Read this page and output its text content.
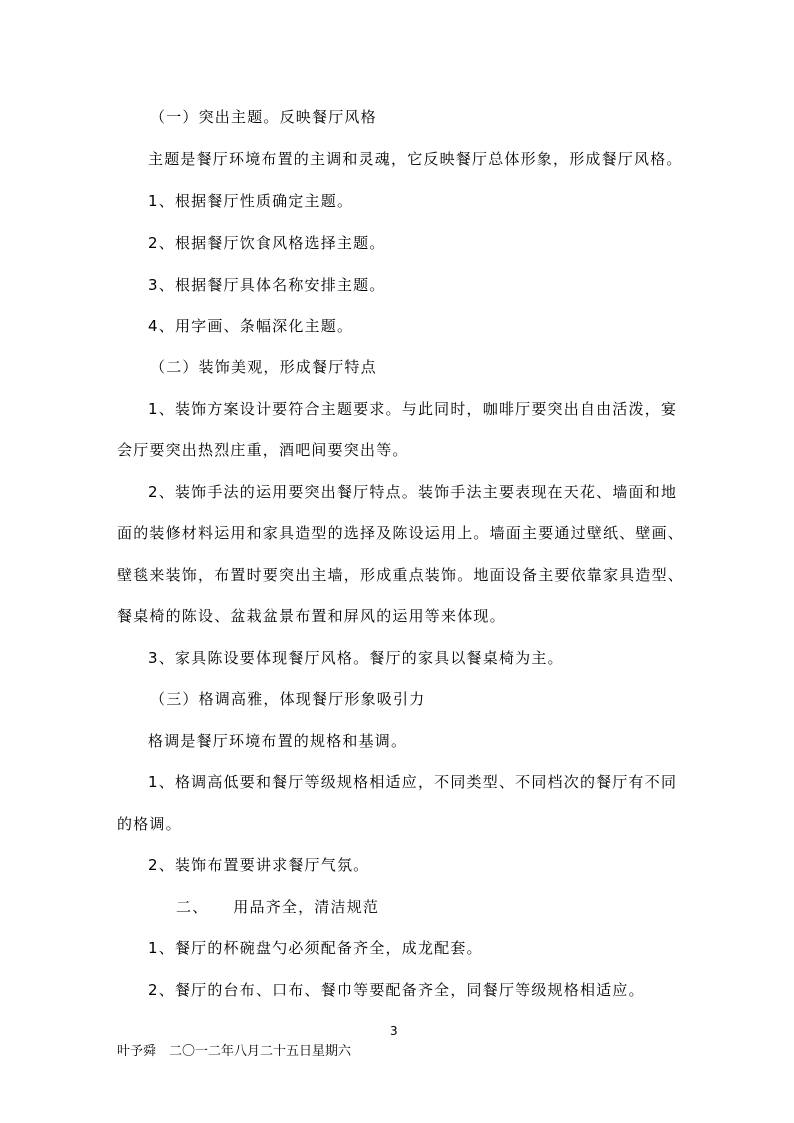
（一）突出主题。反映餐厅风格
主题是餐厅环境布置的主调和灵魂，它反映餐厅总体形象，形成餐厅风格。
1、根据餐厅性质确定主题。
2、根据餐厅饮食风格选择主题。
3、根据餐厅具体名称安排主题。
4、用字画、条幅深化主题。
（二）装饰美观，形成餐厅特点
1、装饰方案设计要符合主题要求。与此同时，咖啡厅要突出自由活泼，宴
会厅要突出热烈庄重，酒吧间要突出等。
2、装饰手法的运用要突出餐厅特点。装饰手法主要表现在天花、墙面和地
面的装修材料运用和家具造型的选择及陈设运用上。墙面主要通过壁纸、壁画、
壁毯来装饰，布置时要突出主墙，形成重点装饰。地面设备主要依靠家具造型、
餐桌椅的陈设、盆栽盆景布置和屏风的运用等来体现。
3、家具陈设要体现餐厅风格。餐厅的家具以餐桌椅为主。
（三）格调高雅，体现餐厅形象吸引力
格调是餐厅环境布置的规格和基调。
1、格调高低要和餐厅等级规格相适应，不同类型、不同档次的餐厅有不同
的格调。
2、装饰布置要讲求餐厅气氛。
二、　　用品齐全，清洁规范
1、餐厅的杯碗盘勺必须配备齐全，成龙配套。
2、餐厅的台布、口布、餐巾等要配备齐全，同餐厅等级规格相适应。
3
叶予舜　二〇一二年八月二十五日星期六
